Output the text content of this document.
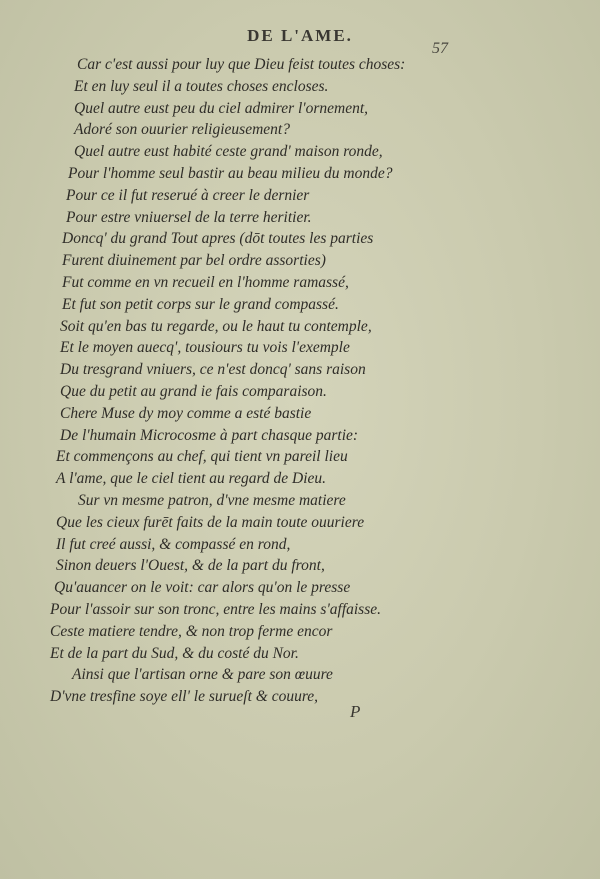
DE L'AME.
57
Car c'est aussi pour luy que Dieu feist toutes choses:
Et en luy seul il a toutes choses encloses.
Quel autre eust peu du ciel admirer l'ornement,
Adoré son ouurier religieusement?
Quel autre eust habité ceste grand' maison ronde,
Pour l'homme seul bastir au beau milieu du monde?
Pour ce il fut reserué à creer le dernier
Pour estre vniuersel de la terre heritier.
Doncq' du grand Tout apres (dōt toutes les parties
Furent diuinement par bel ordre assorties)
Fut comme en vn recueil en l'homme ramassé,
Et fut son petit corps sur le grand compassé.
Soit qu'en bas tu regarde, ou le haut tu contemple,
Et le moyen auecq', tousiours tu vois l'exemple
Du tresgrand vniuers, ce n'est doncq' sans raison
Que du petit au grand ie fais comparaison.
Chere Muse dy moy comme a esté bastie
De l'humain Microcosme à part chasque partie:
Et commençons au chef, qui tient vn pareil lieu
A l'ame, que le ciel tient au regard de Dieu.
Sur vn mesme patron, d'vne mesme matiere
Que les cieux furēt faits de la main toute ouuriere
Il fut creé aussi, & compassé en rond,
Sinon deuers l'Ouest, & de la part du front,
Qu'auancer on le voit: car alors qu'on le presse
Pour l'assoir sur son tronc, entre les mains s'affaisse.
Ceste matiere tendre, & non trop ferme encor
Et de la part du Sud, & du costé du Nor.
Ainsi que l'artisan orne & pare son œuure
D'vne tresfine soye ell' le surueſt & couure,
P
